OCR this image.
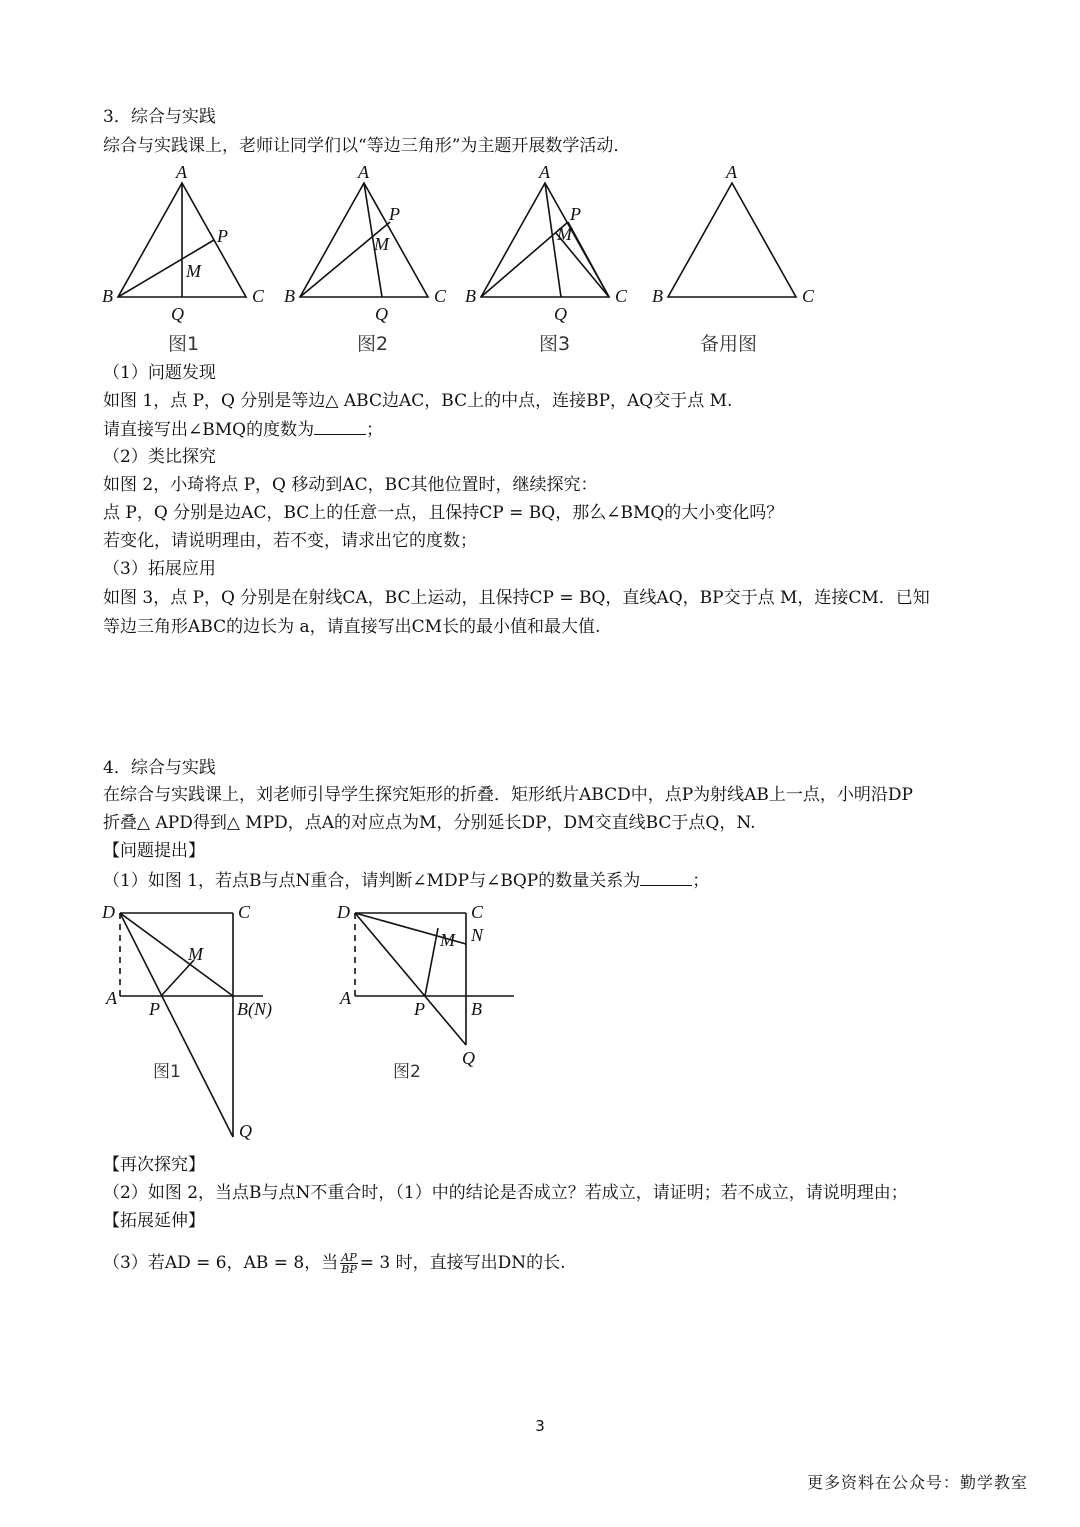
3．综合与实践

综合与实践课上，老师让同学们以“等边三角形”为主题开展数学活动．

A
B	C
P
M
Q
图1
A
B	C
P
M
Q
图2
A
B	C
P
M
Q
图3
A
B	C
备用图

（1）问题发现

如图 1，点 P，Q 分别是等边△ ABC边AC，BC上的中点，连接BP，AQ交于点 M.

请直接写出∠BMQ的度数为	；

（2）类比探究

如图 2，小琦将点 P，Q 移动到AC，BC其他位置时，继续探究：

点 P，Q 分别是边AC，BC上的任意一点，且保持CP = BQ，那么∠BMQ的大小变化吗？

若变化，请说明理由，若不变，请求出它的度数；

（3）拓展应用

如图 3，点 P，Q 分别是在射线CA，BC上运动，且保持CP = BQ，直线AQ，BP交于点 M，连接CM．已知

等边三角形ABC的边长为 a，请直接写出CM长的最小值和最大值.

4．综合与实践

在综合与实践课上，刘老师引导学生探究矩形的折叠．矩形纸片ABCD中，点P为射线AB上一点，小明沿DP

折叠△ APD得到△ MPD，点A的对应点为M，分别延长DP，DM交直线BC于点Q，N.

【问题提出】

（1）如图 1，若点B与点N重合，请判断∠MDP与∠BQP的数量关系为	；

D	C
M
A
P	B(N)
Q
图1
D	C
N
M
A
P	B
Q
图2

【再次探究】

（2）如图 2，当点B与点N不重合时，（1）中的结论是否成立？若成立，请证明；若不成立，请说明理由；

【拓展延伸】

（3）若AD = 6，AB = 8，当 $\frac{AP}{BP} = 3$ 时，直接写出DN的长.

3
更多资料在公众号：勤学教室
